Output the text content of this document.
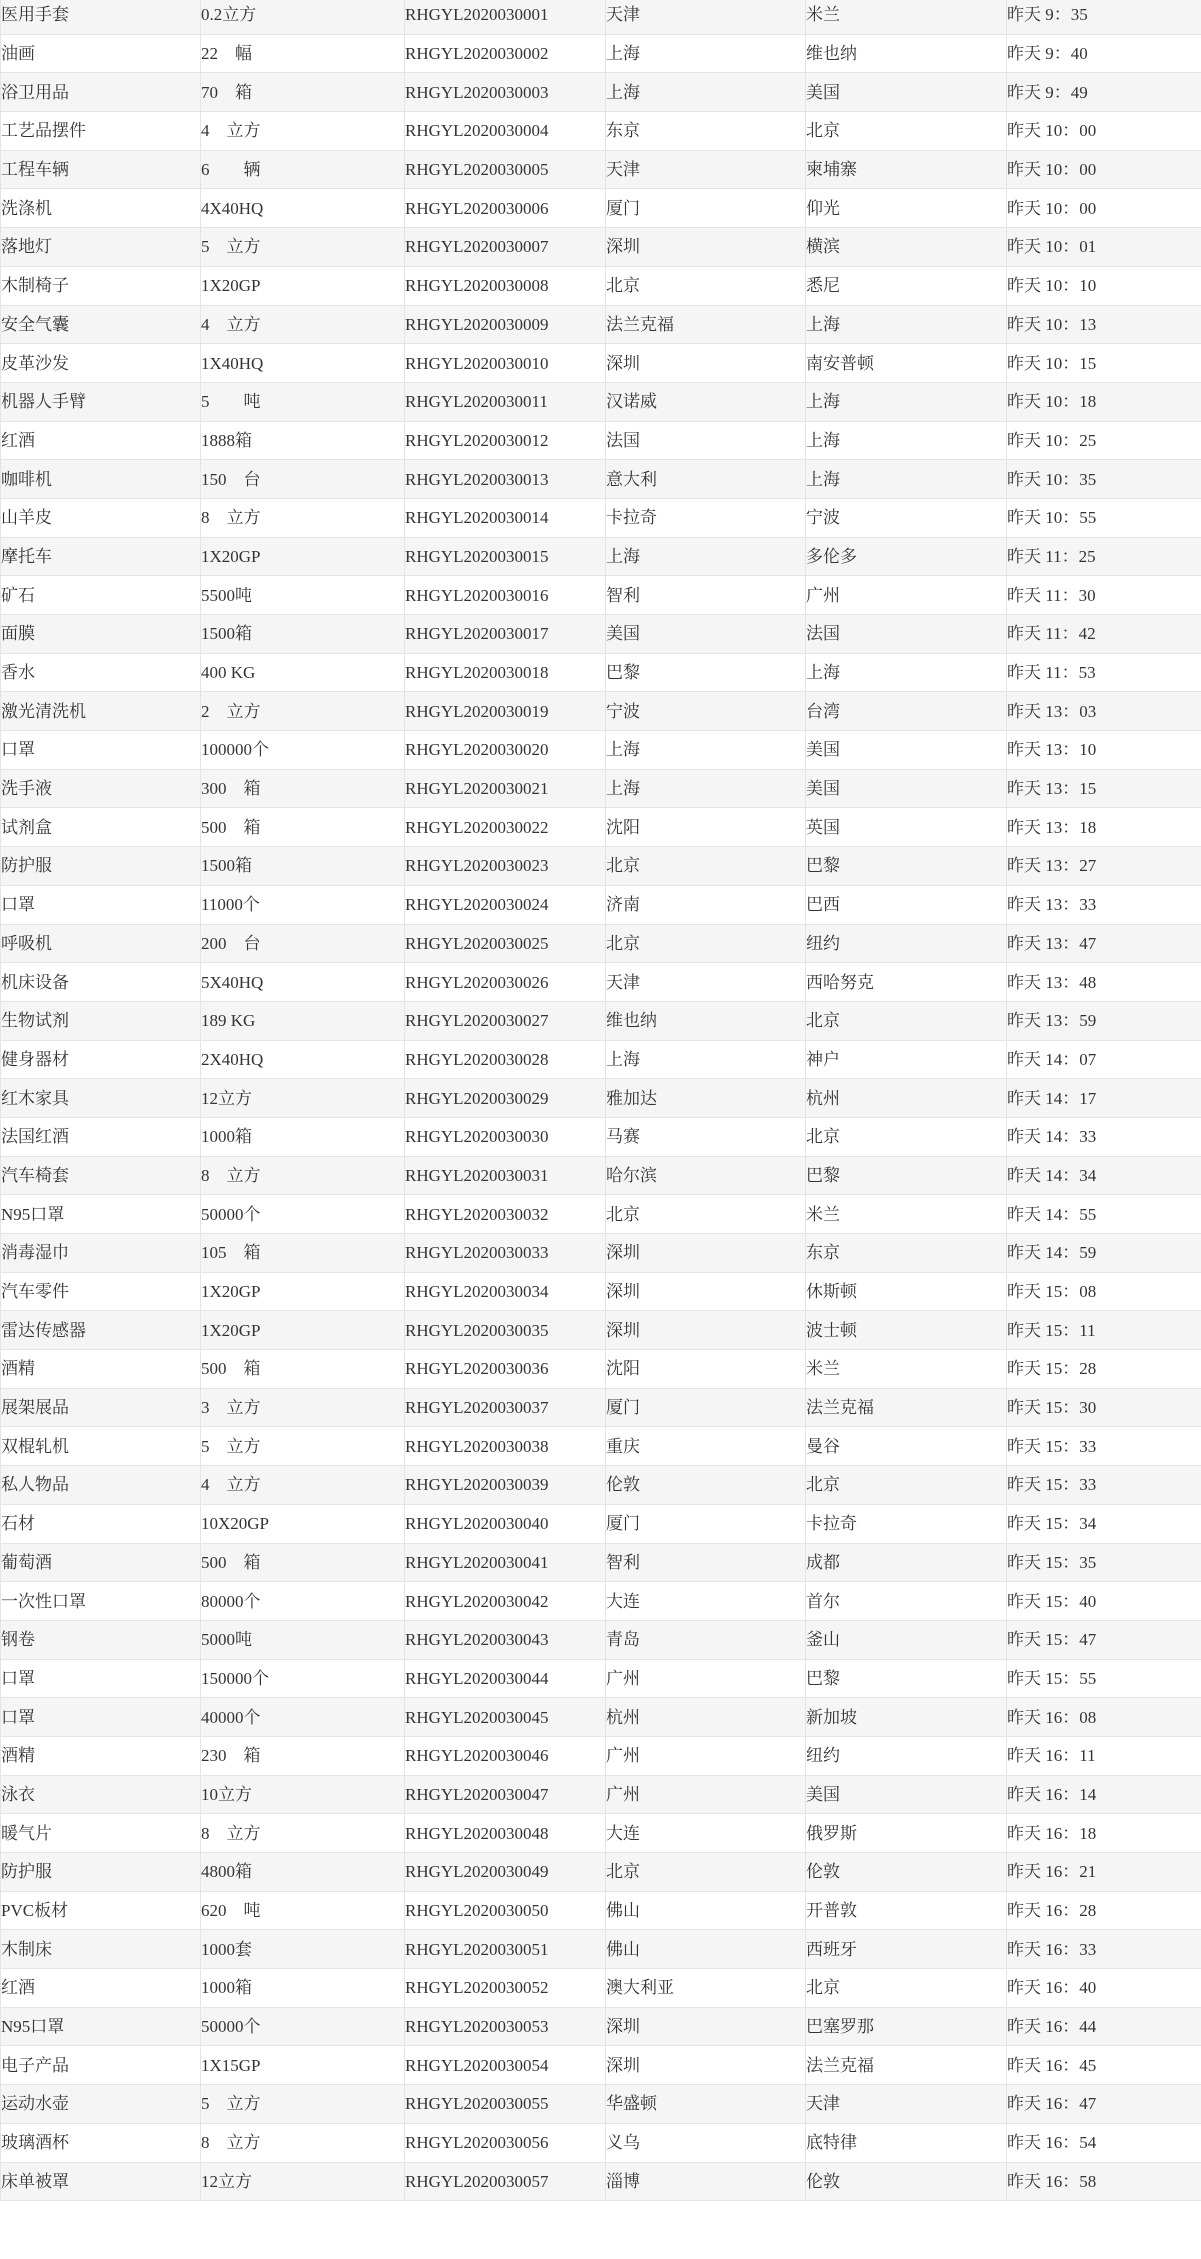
医用手套	0.2立方	RHGYL2020030001	天津	米兰	昨天 9：35
油画	22　幅	RHGYL2020030002	上海	维也纳	昨天 9：40
浴卫用品	70　箱	RHGYL2020030003	上海	美国	昨天 9：49
工艺品摆件	4　立方	RHGYL2020030004	东京	北京	昨天 10：00
工程车辆	6　　辆	RHGYL2020030005	天津	柬埔寨	昨天 10：00
洗涤机	4X40HQ	RHGYL2020030006	厦门	仰光	昨天 10：00
落地灯	5　立方	RHGYL2020030007	深圳	横滨	昨天 10：01
木制椅子	1X20GP	RHGYL2020030008	北京	悉尼	昨天 10：10
安全气囊	4　立方	RHGYL2020030009	法兰克福	上海	昨天 10：13
皮革沙发	1X40HQ	RHGYL2020030010	深圳	南安普顿	昨天 10：15
机器人手臂	5　　吨	RHGYL2020030011	汉诺威	上海	昨天 10：18
红酒	1888箱	RHGYL2020030012	法国	上海	昨天 10：25
咖啡机	150　台	RHGYL2020030013	意大利	上海	昨天 10：35
山羊皮	8　立方	RHGYL2020030014	卡拉奇	宁波	昨天 10：55
摩托车	1X20GP	RHGYL2020030015	上海	多伦多	昨天 11：25
矿石	5500吨	RHGYL2020030016	智利	广州	昨天 11：30
面膜	1500箱	RHGYL2020030017	美国	法国	昨天 11：42
香水	400 KG	RHGYL2020030018	巴黎	上海	昨天 11：53
激光清洗机	2　立方	RHGYL2020030019	宁波	台湾	昨天 13：03
口罩	100000个	RHGYL2020030020	上海	美国	昨天 13：10
洗手液	300　箱	RHGYL2020030021	上海	美国	昨天 13：15
试剂盒	500　箱	RHGYL2020030022	沈阳	英国	昨天 13：18
防护服	1500箱	RHGYL2020030023	北京	巴黎	昨天 13：27
口罩	11000个	RHGYL2020030024	济南	巴西	昨天 13：33
呼吸机	200　台	RHGYL2020030025	北京	纽约	昨天 13：47
机床设备	5X40HQ	RHGYL2020030026	天津	西哈努克	昨天 13：48
生物试剂	189 KG	RHGYL2020030027	维也纳	北京	昨天 13：59
健身器材	2X40HQ	RHGYL2020030028	上海	神户	昨天 14：07
红木家具	12立方	RHGYL2020030029	雅加达	杭州	昨天 14：17
法国红酒	1000箱	RHGYL2020030030	马赛	北京	昨天 14：33
汽车椅套	8　立方	RHGYL2020030031	哈尔滨	巴黎	昨天 14：34
N95口罩	50000个	RHGYL2020030032	北京	米兰	昨天 14：55
消毒湿巾	105　箱	RHGYL2020030033	深圳	东京	昨天 14：59
汽车零件	1X20GP	RHGYL2020030034	深圳	休斯顿	昨天 15：08
雷达传感器	1X20GP	RHGYL2020030035	深圳	波士顿	昨天 15：11
酒精	500　箱	RHGYL2020030036	沈阳	米兰	昨天 15：28
展架展品	3　立方	RHGYL2020030037	厦门	法兰克福	昨天 15：30
双棍轧机	5　立方	RHGYL2020030038	重庆	曼谷	昨天 15：33
私人物品	4　立方	RHGYL2020030039	伦敦	北京	昨天 15：33
石材	10X20GP	RHGYL2020030040	厦门	卡拉奇	昨天 15：34
葡萄酒	500　箱	RHGYL2020030041	智利	成都	昨天 15：35
一次性口罩	80000个	RHGYL2020030042	大连	首尔	昨天 15：40
钢卷	5000吨	RHGYL2020030043	青岛	釜山	昨天 15：47
口罩	150000个	RHGYL2020030044	广州	巴黎	昨天 15：55
口罩	40000个	RHGYL2020030045	杭州	新加坡	昨天 16：08
酒精	230　箱	RHGYL2020030046	广州	纽约	昨天 16：11
泳衣	10立方	RHGYL2020030047	广州	美国	昨天 16：14
暖气片	8　立方	RHGYL2020030048	大连	俄罗斯	昨天 16：18
防护服	4800箱	RHGYL2020030049	北京	伦敦	昨天 16：21
PVC板材	620　吨	RHGYL2020030050	佛山	开普敦	昨天 16：28
木制床	1000套	RHGYL2020030051	佛山	西班牙	昨天 16：33
红酒	1000箱	RHGYL2020030052	澳大利亚	北京	昨天 16：40
N95口罩	50000个	RHGYL2020030053	深圳	巴塞罗那	昨天 16：44
电子产品	1X15GP	RHGYL2020030054	深圳	法兰克福	昨天 16：45
运动水壶	5　立方	RHGYL2020030055	华盛顿	天津	昨天 16：47
玻璃酒杯	8　立方	RHGYL2020030056	义乌	底特律	昨天 16：54
床单被罩	12立方	RHGYL2020030057	淄博	伦敦	昨天 16：58
